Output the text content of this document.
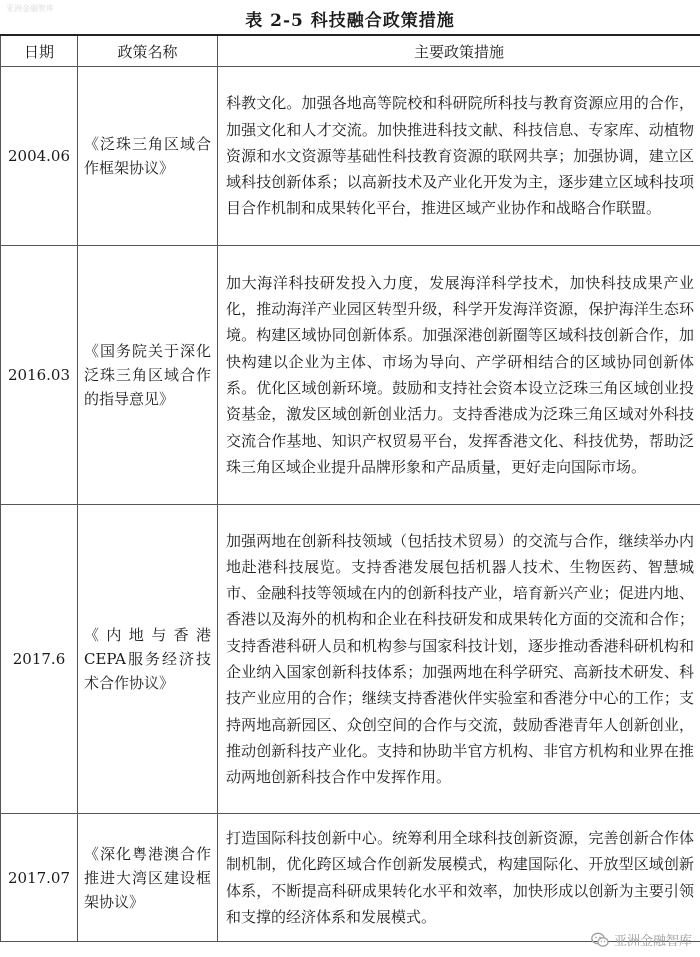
亚洲金融智库
表 2-5 科技融合政策措施
日期	政策名称	主要政策措施
2004.06	《泛珠三角区域合作框架协议》	科教文化。加强各地高等院校和科研院所科技与教育资源应用的合作，加强文化和人才交流。加快推进科技文献、科技信息、专家库、动植物资源和水文资源等基础性科技教育资源的联网共享；加强协调，建立区域科技创新体系；以高新技术及产业化开发为主，逐步建立区域科技项目合作机制和成果转化平台，推进区域产业协作和战略合作联盟。
2016.03	《国务院关于深化泛珠三角区域合作的指导意见》	加大海洋科技研发投入力度，发展海洋科学技术，加快科技成果产业化，推动海洋产业园区转型升级，科学开发海洋资源，保护海洋生态环境。构建区域协同创新体系。加强深港创新圈等区域科技创新合作，加快构建以企业为主体、市场为导向、产学研相结合的区域协同创新体系。优化区域创新环境。鼓励和支持社会资本设立泛珠三角区域创业投资基金，激发区域创新创业活力。支持香港成为泛珠三角区域对外科技交流合作基地、知识产权贸易平台，发挥香港文化、科技优势，帮助泛珠三角区域企业提升品牌形象和产品质量，更好走向国际市场。
2017.6	《内地与香港CEPA服务经济技术合作协议》	加强两地在创新科技领域（包括技术贸易）的交流与合作，继续举办内地赴港科技展览。支持香港发展包括机器人技术、生物医药、智慧城市、金融科技等领域在内的创新科技产业，培育新兴产业；促进内地、香港以及海外的机构和企业在科技研发和成果转化方面的交流和合作；支持香港科研人员和机构参与国家科技计划，逐步推动香港科研机构和企业纳入国家创新科技体系；加强两地在科学研究、高新技术研发、科技产业应用的合作；继续支持香港伙伴实验室和香港分中心的工作；支持两地高新园区、众创空间的合作与交流，鼓励香港青年人创新创业，推动创新科技产业化。支持和协助半官方机构、非官方机构和业界在推动两地创新科技合作中发挥作用。
2017.07	《深化粤港澳合作　推进大湾区建设框架协议》	打造国际科技创新中心。统筹利用全球科技创新资源，完善创新合作体制机制，优化跨区域合作创新发展模式，构建国际化、开放型区域创新体系，不断提高科研成果转化水平和效率，加快形成以创新为主要引领和支撑的经济体系和发展模式。
亚洲金融智库
